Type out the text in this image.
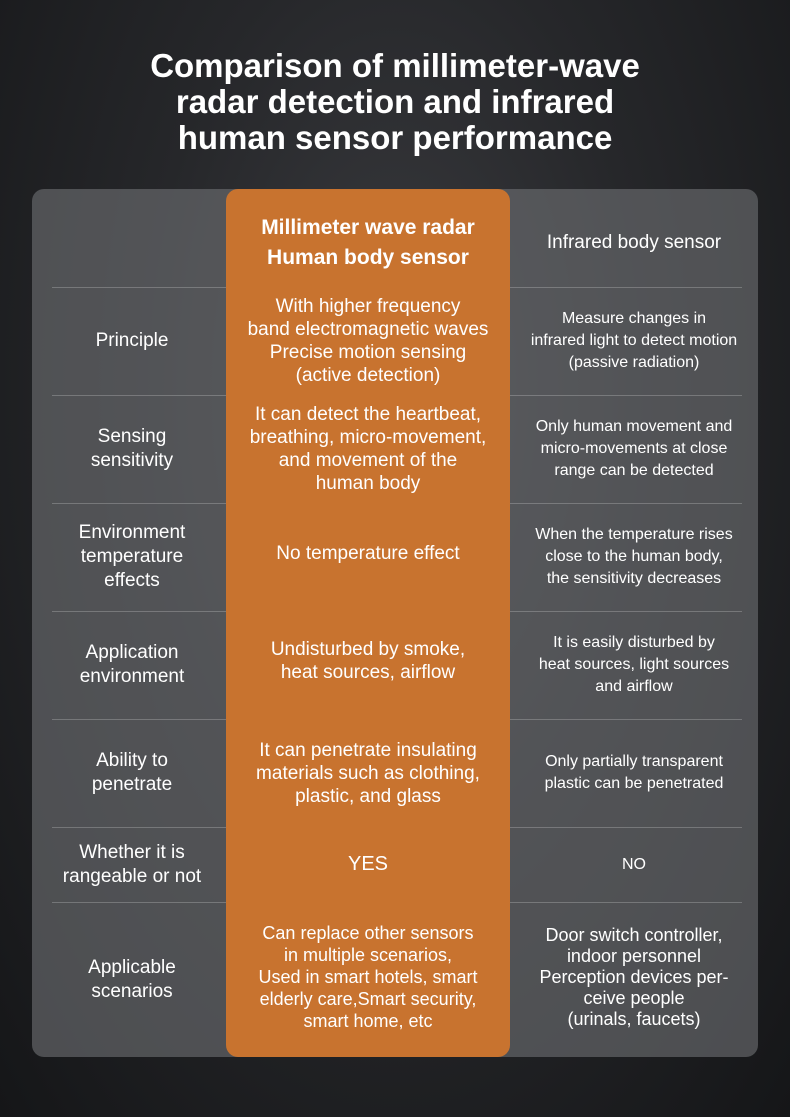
Comparison of millimeter-wave
radar detection and infrared
human sensor performance
Millimeter wave radar
Human body sensor
Infrared body sensor
Principle
With higher frequency
band electromagnetic waves
Precise motion sensing
(active detection)
Measure changes in
infrared light to detect motion
(passive radiation)
Sensing
sensitivity
It can detect the heartbeat,
breathing, micro-movement,
and movement of the
human body
Only human movement and
micro-movements at close
range can be detected
Environment
temperature
effects
No temperature effect
When the temperature rises
close to the human body,
the sensitivity decreases
Application
environment
Undisturbed by smoke,
heat sources, airflow
It is easily disturbed by
heat sources, light sources
and airflow
Ability to
penetrate
It can penetrate insulating
materials such as clothing,
plastic, and glass
Only partially transparent
plastic can be penetrated
Whether it is
rangeable or not
YES	NO
Applicable
scenarios
Can replace other sensors
in multiple scenarios,
Used in smart hotels, smart
elderly care,Smart security,
smart home, etc
Door switch controller,
indoor personnel
Perception devices per-
ceive people
(urinals, faucets)
